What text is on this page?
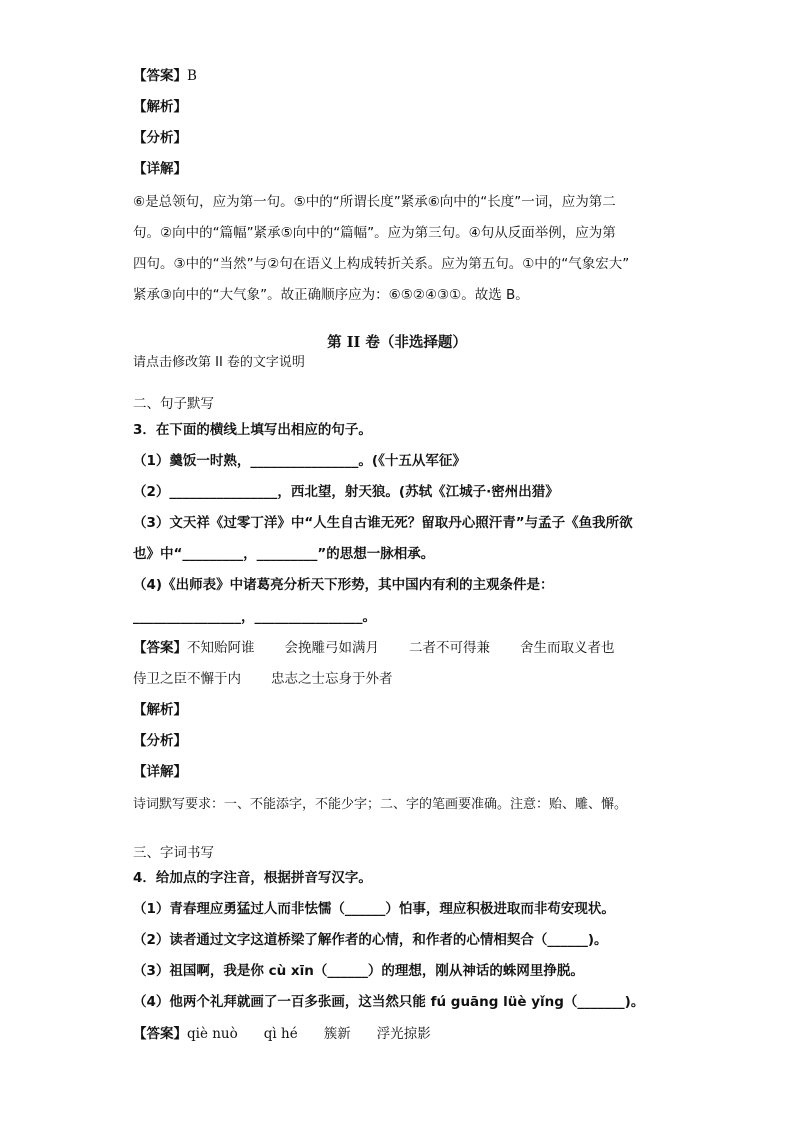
【答案】B
【解析】
【分析】
【详解】
⑥是总领句，应为第一句。⑤中的“所谓长度”紧承⑥向中的“长度”一词，应为第二
句。②向中的“篇幅”紧承⑤向中的“篇幅”。应为第三句。④句从反面举例，应为第
四句。③中的“当然”与②句在语义上构成转折关系。应为第五句。①中的“气象宏大”
紧承③向中的“大气象”。故正确顺序应为：⑥⑤②④③①。故选 B。
第 II 卷（非选择题）
请点击修改第 II 卷的文字说明
二、句子默写
3．在下面的横线上填写出相应的句子。
（1）羹饭一时熟，________________。(《十五从军征》
（2）________________，西北望，射天狼。(苏轼《江城子·密州出猎》
（3）文天祥《过零丁洋》中“人生自古谁无死？留取丹心照汗青”与孟子《鱼我所欲
也》中“_________，_________”的思想一脉相承。
（4)《出师表》中诸葛亮分析天下形势，其中国内有利的主观条件是：
________________，________________。
【答案】不知贻阿谁 会挽雕弓如满月 二者不可得兼 舍生而取义者也
侍卫之臣不懈于内 忠志之士忘身于外者
【解析】
【分析】
【详解】
诗词默写要求：一、不能添字，不能少字；二、字的笔画要准确。注意：贻、雕、懈。
三、字词书写
4．给加点的字注音，根据拼音写汉字。
（1）青春理应勇猛过人而非怯懦（______）怕事，理应积极进取而非苟安现状。
（2）读者通过文字这道桥梁了解作者的心情，和作者的心情相契合（______)。
（3）祖国啊，我是你 cù xīn（______）的理想，刚从神话的蛛网里挣脱。
（4）他两个礼拜就画了一百多张画，这当然只能 fú guāng lüè yǐng（_______)。
【答案】qiè nuò qì hé 簇新 浮光掠影
